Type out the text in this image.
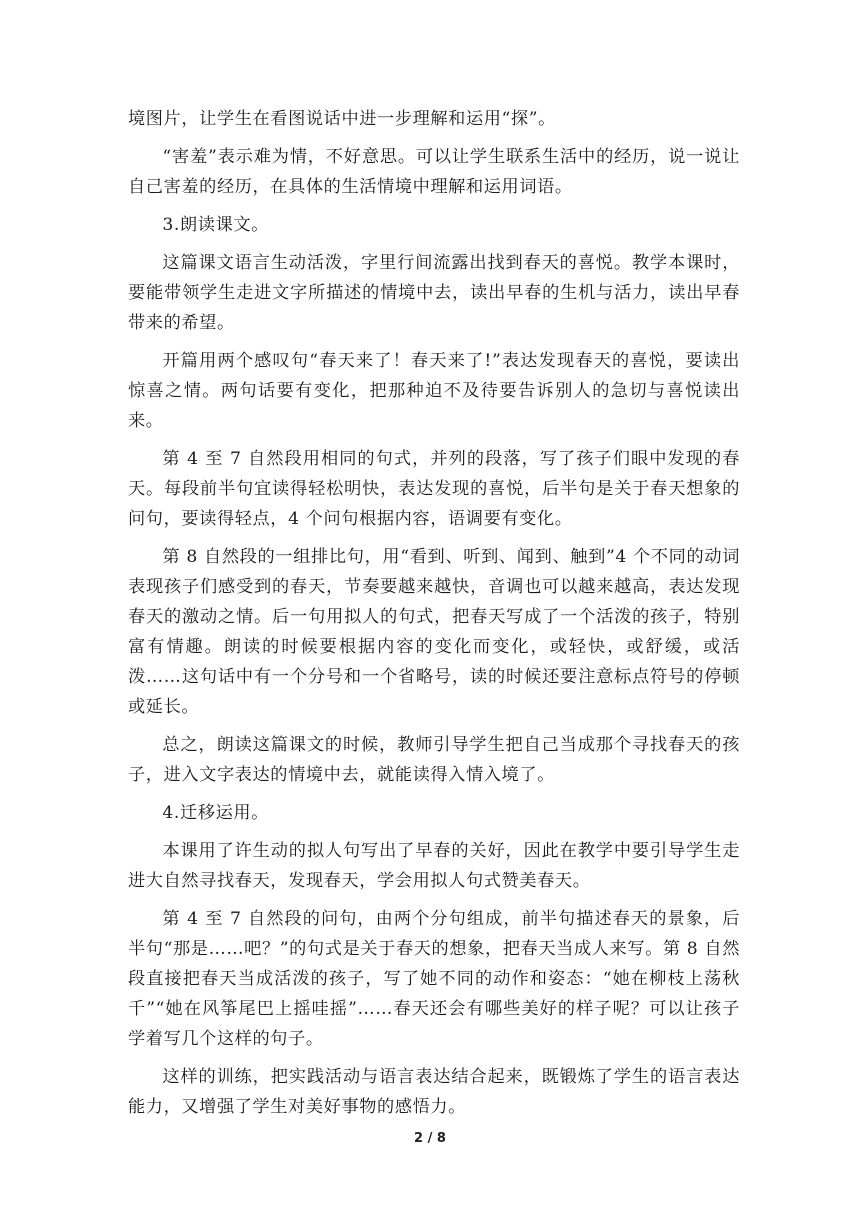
境图片，让学生在看图说话中进一步理解和运用“探”。

“害羞”表示难为情，不好意思。可以让学生联系生活中的经历，说一说让自己害羞的经历，在具体的生活情境中理解和运用词语。

3.朗读课文。

这篇课文语言生动活泼，字里行间流露出找到春天的喜悦。教学本课时，要能带领学生走进文字所描述的情境中去，读出早春的生机与活力，读出早春带来的希望。

开篇用两个感叹句“春天来了！春天来了!”表达发现春天的喜悦，要读出惊喜之情。两句话要有变化，把那种迫不及待要告诉别人的急切与喜悦读出来。

第 4 至 7 自然段用相同的句式，并列的段落，写了孩子们眼中发现的春天。每段前半句宜读得轻松明快，表达发现的喜悦，后半句是关于春天想象的问句，要读得轻点，4 个问句根据内容，语调要有变化。

第 8 自然段的一组排比句，用“看到、听到、闻到、触到”4 个不同的动词表现孩子们感受到的春天，节奏要越来越快，音调也可以越来越高，表达发现春天的激动之情。后一句用拟人的句式，把春天写成了一个活泼的孩子，特别富有情趣。朗读的时候要根据内容的变化而变化，或轻快，或舒缓，或活泼……这句话中有一个分号和一个省略号，读的时候还要注意标点符号的停顿或延长。

总之，朗读这篇课文的时候，教师引导学生把自己当成那个寻找春天的孩子，进入文字表达的情境中去，就能读得入情入境了。

4.迁移运用。

本课用了许生动的拟人句写出了早春的关好，因此在教学中要引导学生走进大自然寻找春天，发现春天，学会用拟人句式赞美春天。

第 4 至 7 自然段的问句，由两个分句组成，前半句描述春天的景象，后半句“那是……吧？”的句式是关于春天的想象，把春天当成人来写。第 8 自然段直接把春天当成活泼的孩子，写了她不同的动作和姿态：“她在柳枝上荡秋千”“她在风筝尾巴上摇哇摇”……春天还会有哪些美好的样子呢？可以让孩子学着写几个这样的句子。

这样的训练，把实践活动与语言表达结合起来，既锻炼了学生的语言表达能力，又增强了学生对美好事物的感悟力。

2 / 8
